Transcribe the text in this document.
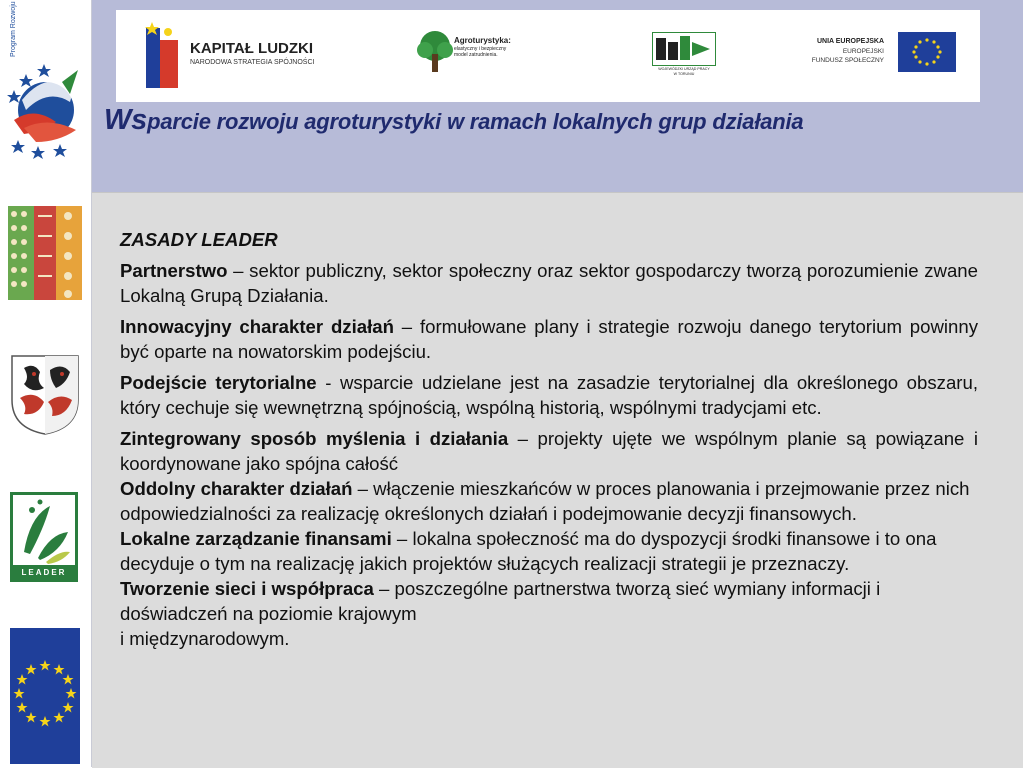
Program Rozwoju
LEADER
KAPITAŁ LUDZKI
NARODOWA STRATEGIA SPÓJNOŚCI
Agroturystyka:
elastyczny i bezpieczny
model zatrudnienia.
WOJEWÓDZKI URZĄD PRACY
W TORUNIU
UNIA EUROPEJSKA
EUROPEJSKI
FUNDUSZ SPOŁECZNY
Wsparcie rozwoju agroturystyki w ramach lokalnych grup działania

ZASADY LEADER

Partnerstwo – sektor publiczny, sektor społeczny oraz sektor gospodarczy tworzą porozumienie zwane Lokalną Grupą Działania.

Innowacyjny charakter działań – formułowane plany i strategie rozwoju danego terytorium powinny być oparte na nowatorskim podejściu.

Podejście terytorialne - wsparcie udzielane jest na zasadzie terytorialnej dla określonego obszaru, który cechuje się wewnętrzną spójnością, wspólną historią, wspólnymi tradycjami etc.

Zintegrowany sposób myślenia i działania – projekty ujęte we wspólnym planie są powiązane i koordynowane jako spójna całość

Oddolny charakter działań – włączenie mieszkańców w proces planowania i przejmowanie przez nich odpowiedzialności za realizację określonych działań i podejmowanie decyzji finansowych.

Lokalne zarządzanie finansami – lokalna społeczność ma do dyspozycji środki finansowe i to ona decyduje o tym na realizację jakich projektów służących realizacji strategii je przeznaczy.

Tworzenie sieci i współpraca – poszczególne partnerstwa tworzą sieć wymiany informacji i doświadczeń na poziomie krajowym

i międzynarodowym.
